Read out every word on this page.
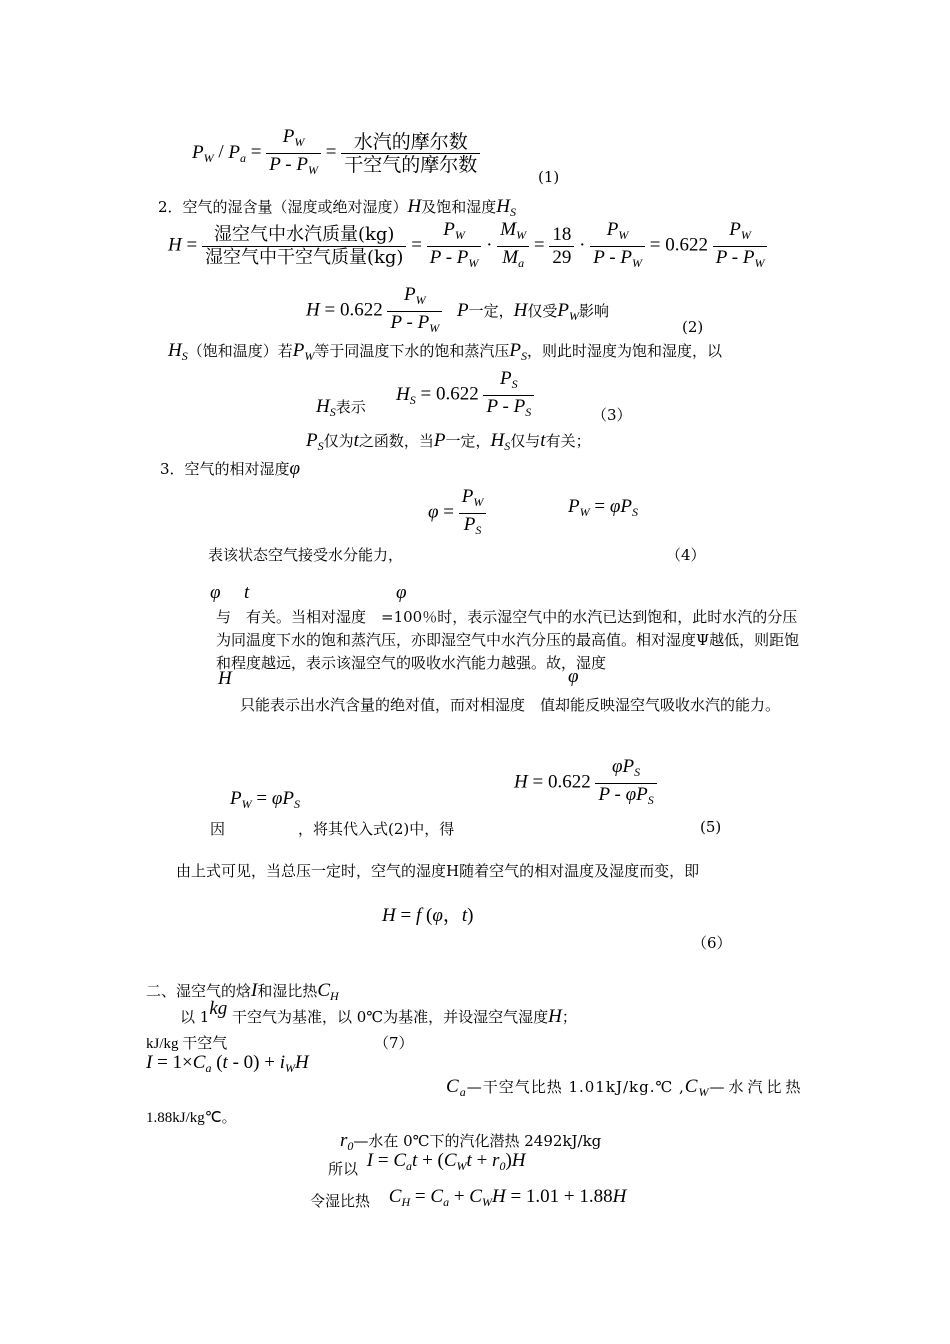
$P_W / P_a = \frac{P_W}{P - P_W} = \frac{\text{水汽的摩尔数}}{\text{干空气的摩尔数}}$
(1)
2．空气的湿含量（湿度或绝对湿度）H及饱和湿度$H_S$
$H = \frac{\text{湿空气中水汽质量(kg)}}{\text{湿空气中干空气质量(kg)}} = \frac{P_W}{P - P_W} \cdot \frac{M_W}{M_a} = \frac{18}{29} \cdot \frac{P_W}{P - P_W} = 0.622 \frac{P_W}{P - P_W}$
$H = 0.622 \frac{P_W}{P - P_W}$ P一定，H仅受$P_W$影响
(2)
$H_S$（饱和温度）若$P_W$等于同温度下水的饱和蒸汽压$P_S$，则此时湿度为饱和湿度，以
$H_S = 0.622 \frac{P_S}{P - P_S}$
$H_S$表示	（3）
$P_S$仅为t之函数，当P一定，$H_S$仅与t有关；
3．空气的相对湿度φ
$\varphi = \frac{P_W}{P_S}$	$P_W = \varphi P_S$
表该状态空气接受水分能力，	（4）
φ t	φ
与　有关。当相对湿度　=100％时，表示湿空气中的水汽已达到饱和，此时水汽的分压为同温度下水的饱和蒸汽压，亦即湿空气中水汽分压的最高值。相对湿度Ψ越低，则距饱和程度越远，表示该湿空气的吸收水汽能力越强。故，湿度
H	φ
只能表示出水汽含量的绝对值，而对相湿度　值却能反映湿空气吸收水汽的能力。
$P_W = \varphi P_S$
$H = 0.622 \frac{\varphi P_S}{P - \varphi P_S}$
因	，将其代入式(2)中，得	(5)
由上式可见，当总压一定时，空气的湿度H随着空气的相对温度及湿度而变，即
H = f (φ，t)
（6）
二、湿空气的焓I和湿比热$C_H$
以 1kg 干空气为基准，以 0℃为基准，并设湿空气湿度H；
kJ/kg 干空气	（7）
$I = 1\times C_a$ $(t - 0) + i_WH$
$C_a—$干空气比热 1.01kJ/kg.℃ $,C_W—$水汽比热
1.88kJ/kg℃。
$r_0—$水在 0℃下的汽化潜热 2492kJ/kg
所以 $I = C_at + (C_Wt + r_0)H$
令湿比热 $C_H = C_a + C_WH = 1.01 + 1.88H$
